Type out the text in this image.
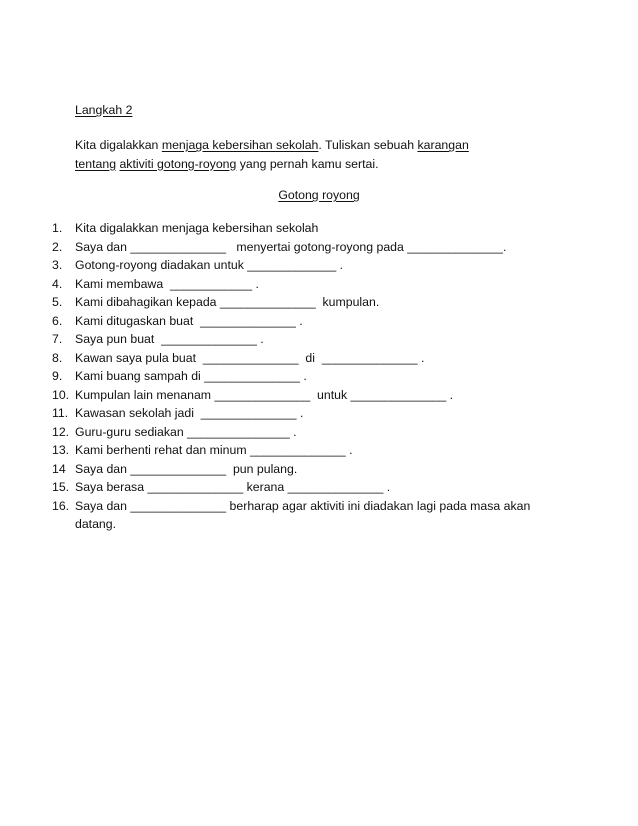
Langkah 2
Kita digalakkan menjaga kebersihan sekolah. Tuliskan sebuah karangan
tentang aktiviti gotong-royong yang pernah kamu sertai.
Gotong royong
1.	Kita digalakkan menjaga kebersihan sekolah
2.	Saya dan ______________   menyertai gotong-royong pada ______________.
3.	Gotong-royong diadakan untuk _____________ .
4.	Kami membawa  ____________ .
5.	Kami dibahagikan kepada ______________  kumpulan.
6.	Kami ditugaskan buat  ______________ .
7.	Saya pun buat  ______________ .
8.	Kawan saya pula buat  ______________  di  ______________ .
9.	Kami buang sampah di ______________ .
10. Kumpulan lain menanam ______________  untuk ______________ .
11. Kawasan sekolah jadi  ______________ .
12. Guru-guru sediakan _______________ .
13. Kami berhenti rehat dan minum ______________ .
14 Saya dan ______________  pun pulang.
15. Saya berasa ______________ kerana ______________ .
16. Saya dan ______________ berharap agar aktiviti ini diadakan lagi pada masa akan
datang.
